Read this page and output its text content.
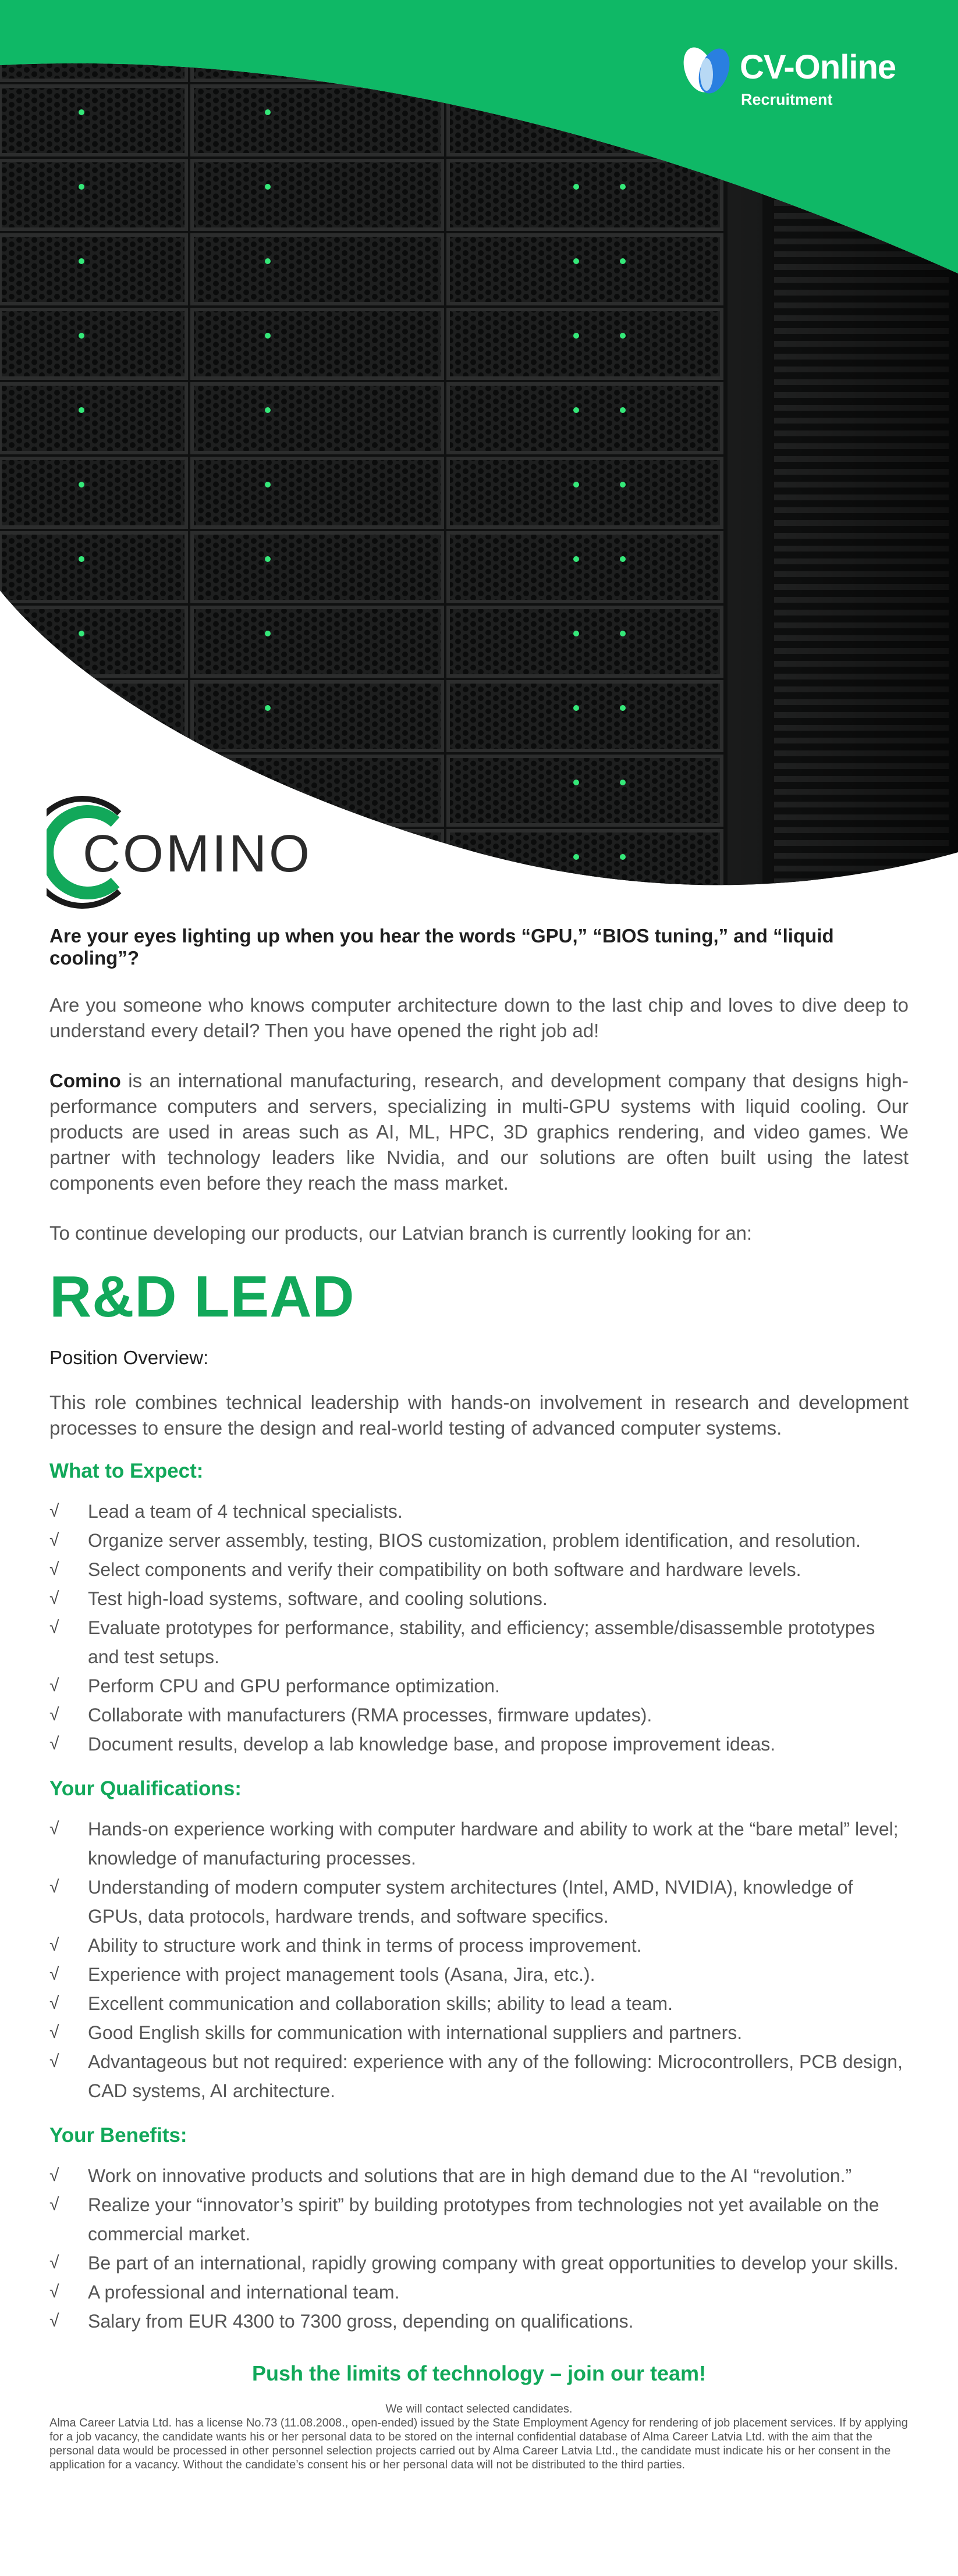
CV-Online
Recruitment
COMINO
Are your eyes lighting up when you hear the words “GPU,” “BIOS tuning,” and “liquid cooling”?

Are you someone who knows computer architecture down to the last chip and loves to dive deep to understand every detail? Then you have opened the right job ad!

Comino is an international manufacturing, research, and development company that designs high-performance computers and servers, specializing in multi-GPU systems with liquid cooling. Our products are used in areas such as AI, ML, HPC, 3D graphics rendering, and video games. We partner with technology leaders like Nvidia, and our solutions are often built using the latest components even before they reach the mass market.

To continue developing our products, our Latvian branch is currently looking for an:

R&D LEAD
Position Overview:

This role combines technical leadership with hands-on involvement in research and development processes to ensure the design and real-world testing of advanced computer systems.

What to Expect:
√ Lead a team of 4 technical specialists.
√ Organize server assembly, testing, BIOS customization, problem identification, and resolution.
√ Select components and verify their compatibility on both software and hardware levels.
√ Test high-load systems, software, and cooling solutions.
√ Evaluate prototypes for performance, stability, and efficiency; assemble/disassemble prototypes and test setups.
√ Perform CPU and GPU performance optimization.
√ Collaborate with manufacturers (RMA processes, firmware updates).
√ Document results, develop a lab knowledge base, and propose improvement ideas.
Your Qualifications:
√ Hands-on experience working with computer hardware and ability to work at the “bare metal” level; knowledge of manufacturing processes.
√ Understanding of modern computer system architectures (Intel, AMD, NVIDIA), knowledge of GPUs, data protocols, hardware trends, and software specifics.
√ Ability to structure work and think in terms of process improvement.
√ Experience with project management tools (Asana, Jira, etc.).
√ Excellent communication and collaboration skills; ability to lead a team.
√ Good English skills for communication with international suppliers and partners.
√ Advantageous but not required: experience with any of the following: Microcontrollers, PCB design, CAD systems, AI architecture.
Your Benefits:
√ Work on innovative products and solutions that are in high demand due to the AI “revolution.”
√ Realize your “innovator’s spirit” by building prototypes from technologies not yet available on the commercial market.
√ Be part of an international, rapidly growing company with great opportunities to develop your skills.
√ A professional and international team.
√ Salary from EUR 4300 to 7300 gross, depending on qualifications.
Push the limits of technology – join our team!
We will contact selected candidates.
Alma Career Latvia Ltd. has a license No.73 (11.08.2008., open-ended) issued by the State Employment Agency for rendering of job placement services. If by applying for a job vacancy, the candidate wants his or her personal data to be stored on the internal confidential database of Alma Career Latvia Ltd. with the aim that the personal data would be processed in other personnel selection projects carried out by Alma Career Latvia Ltd., the candidate must indicate his or her consent in the application for a vacancy. Without the candidate’s consent his or her personal data will not be distributed to the third parties.
